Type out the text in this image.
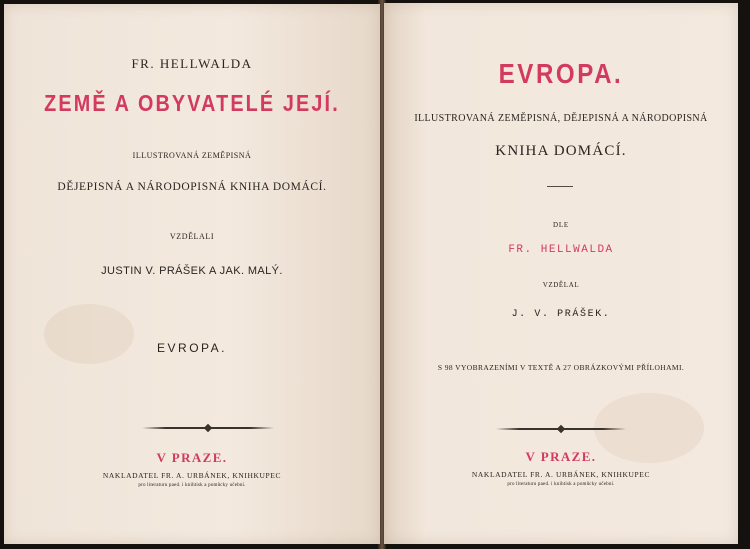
FR. HELLWALDA
ZEMĚ A OBYVATELÉ JEJÍ.
ILLUSTROVANÁ ZEMĚPISNÁ
DĚJEPISNÁ A NÁRODOPISNÁ KNIHA DOMÁCÍ.
VZDĚLALI
JUSTIN V. PRÁŠEK A JAK. MALÝ.
EVROPA.
V PRAZE.
NAKLADATEL FR. A. URBÁNEK, KNIHKUPEC
pro literaturu paed. i knihtisk a pomůcky učební.
EVROPA.
ILLUSTROVANÁ ZEMĚPISNÁ, DĚJEPISNÁ A NÁRODOPISNÁ
KNIHA DOMÁCÍ.
DLE
FR. HELLWALDA
VZDĚLAL
J. V. PRÁŠEK.
S 98 VYOBRAZENÍMI V TEXTĚ A 27 OBRÁZKOVÝMI PŘÍLOHAMI.
V PRAZE.
NAKLADATEL FR. A. URBÁNEK, KNIHKUPEC
pro literaturu paed. i knihtisk a pomůcky učební.
